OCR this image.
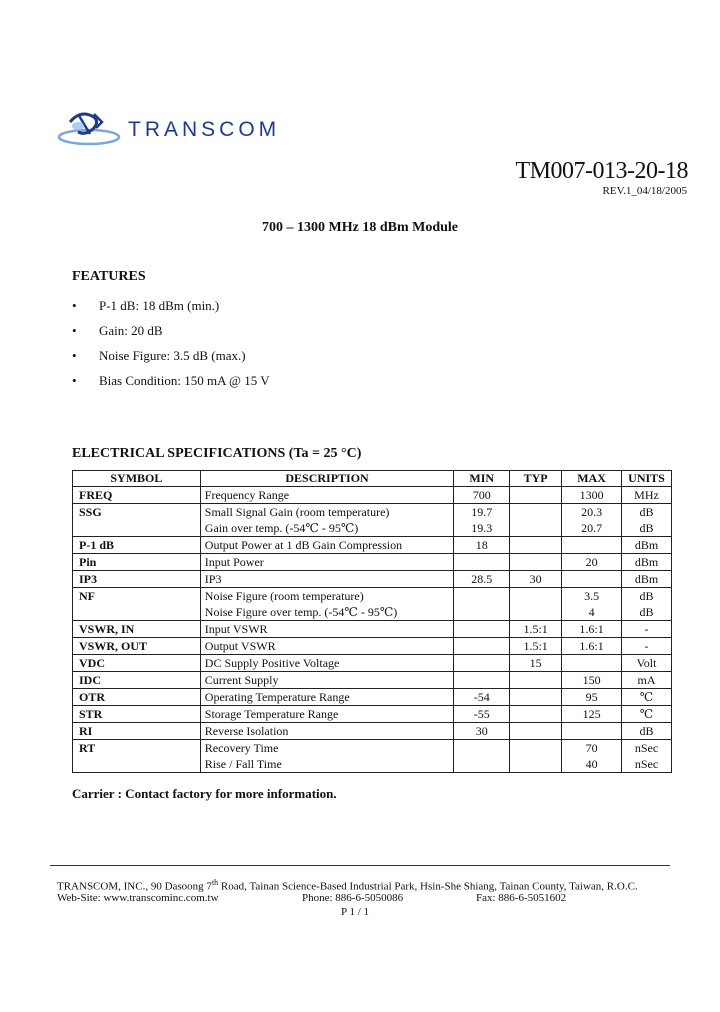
TRANSCOM
TM007-013-20-18
REV.1_04/18/2005
700 – 1300 MHz 18 dBm Module
FEATURES
• P-1 dB: 18 dBm (min.)
• Gain: 20 dB
• Noise Figure: 3.5 dB (max.)
• Bias Condition: 150 mA @ 15 V
ELECTRICAL SPECIFICATIONS (Ta = 25 °C)
SYMBOL	DESCRIPTION	MIN	TYP	MAX	UNITS
FREQ	Frequency Range	700		1300	MHz
SSG	Small Signal Gain (room temperature)	19.7		20.3	dB
	Gain over temp. (-54℃ - 95℃)	19.3		20.7	dB
P-1 dB	Output Power at 1 dB Gain Compression	18			dBm
Pin	Input Power			20	dBm
IP3	IP3	28.5	30		dBm
NF	Noise Figure (room temperature)			3.5	dB
	Noise Figure over temp. (-54℃ - 95℃)			4	dB
VSWR, IN	Input VSWR		1.5:1	1.6:1	-
VSWR, OUT	Output VSWR		1.5:1	1.6:1	-
VDC	DC Supply Positive Voltage		15		Volt
IDC	Current Supply			150	mA
OTR	Operating Temperature Range	-54		95	℃
STR	Storage Temperature Range	-55		125	℃
RI	Reverse Isolation	30			dB
RT	Recovery Time			70	nSec
	Rise / Fall Time			40	nSec
Carrier : Contact factory for more information.
TRANSCOM, INC., 90 Dasoong 7th Road, Tainan Science-Based Industrial Park, Hsin-She Shiang, Tainan County, Taiwan, R.O.C.
Web-Site: www.transcominc.com.tw	Phone: 886-6-5050086	Fax: 886-6-5051602
P 1 / 1
